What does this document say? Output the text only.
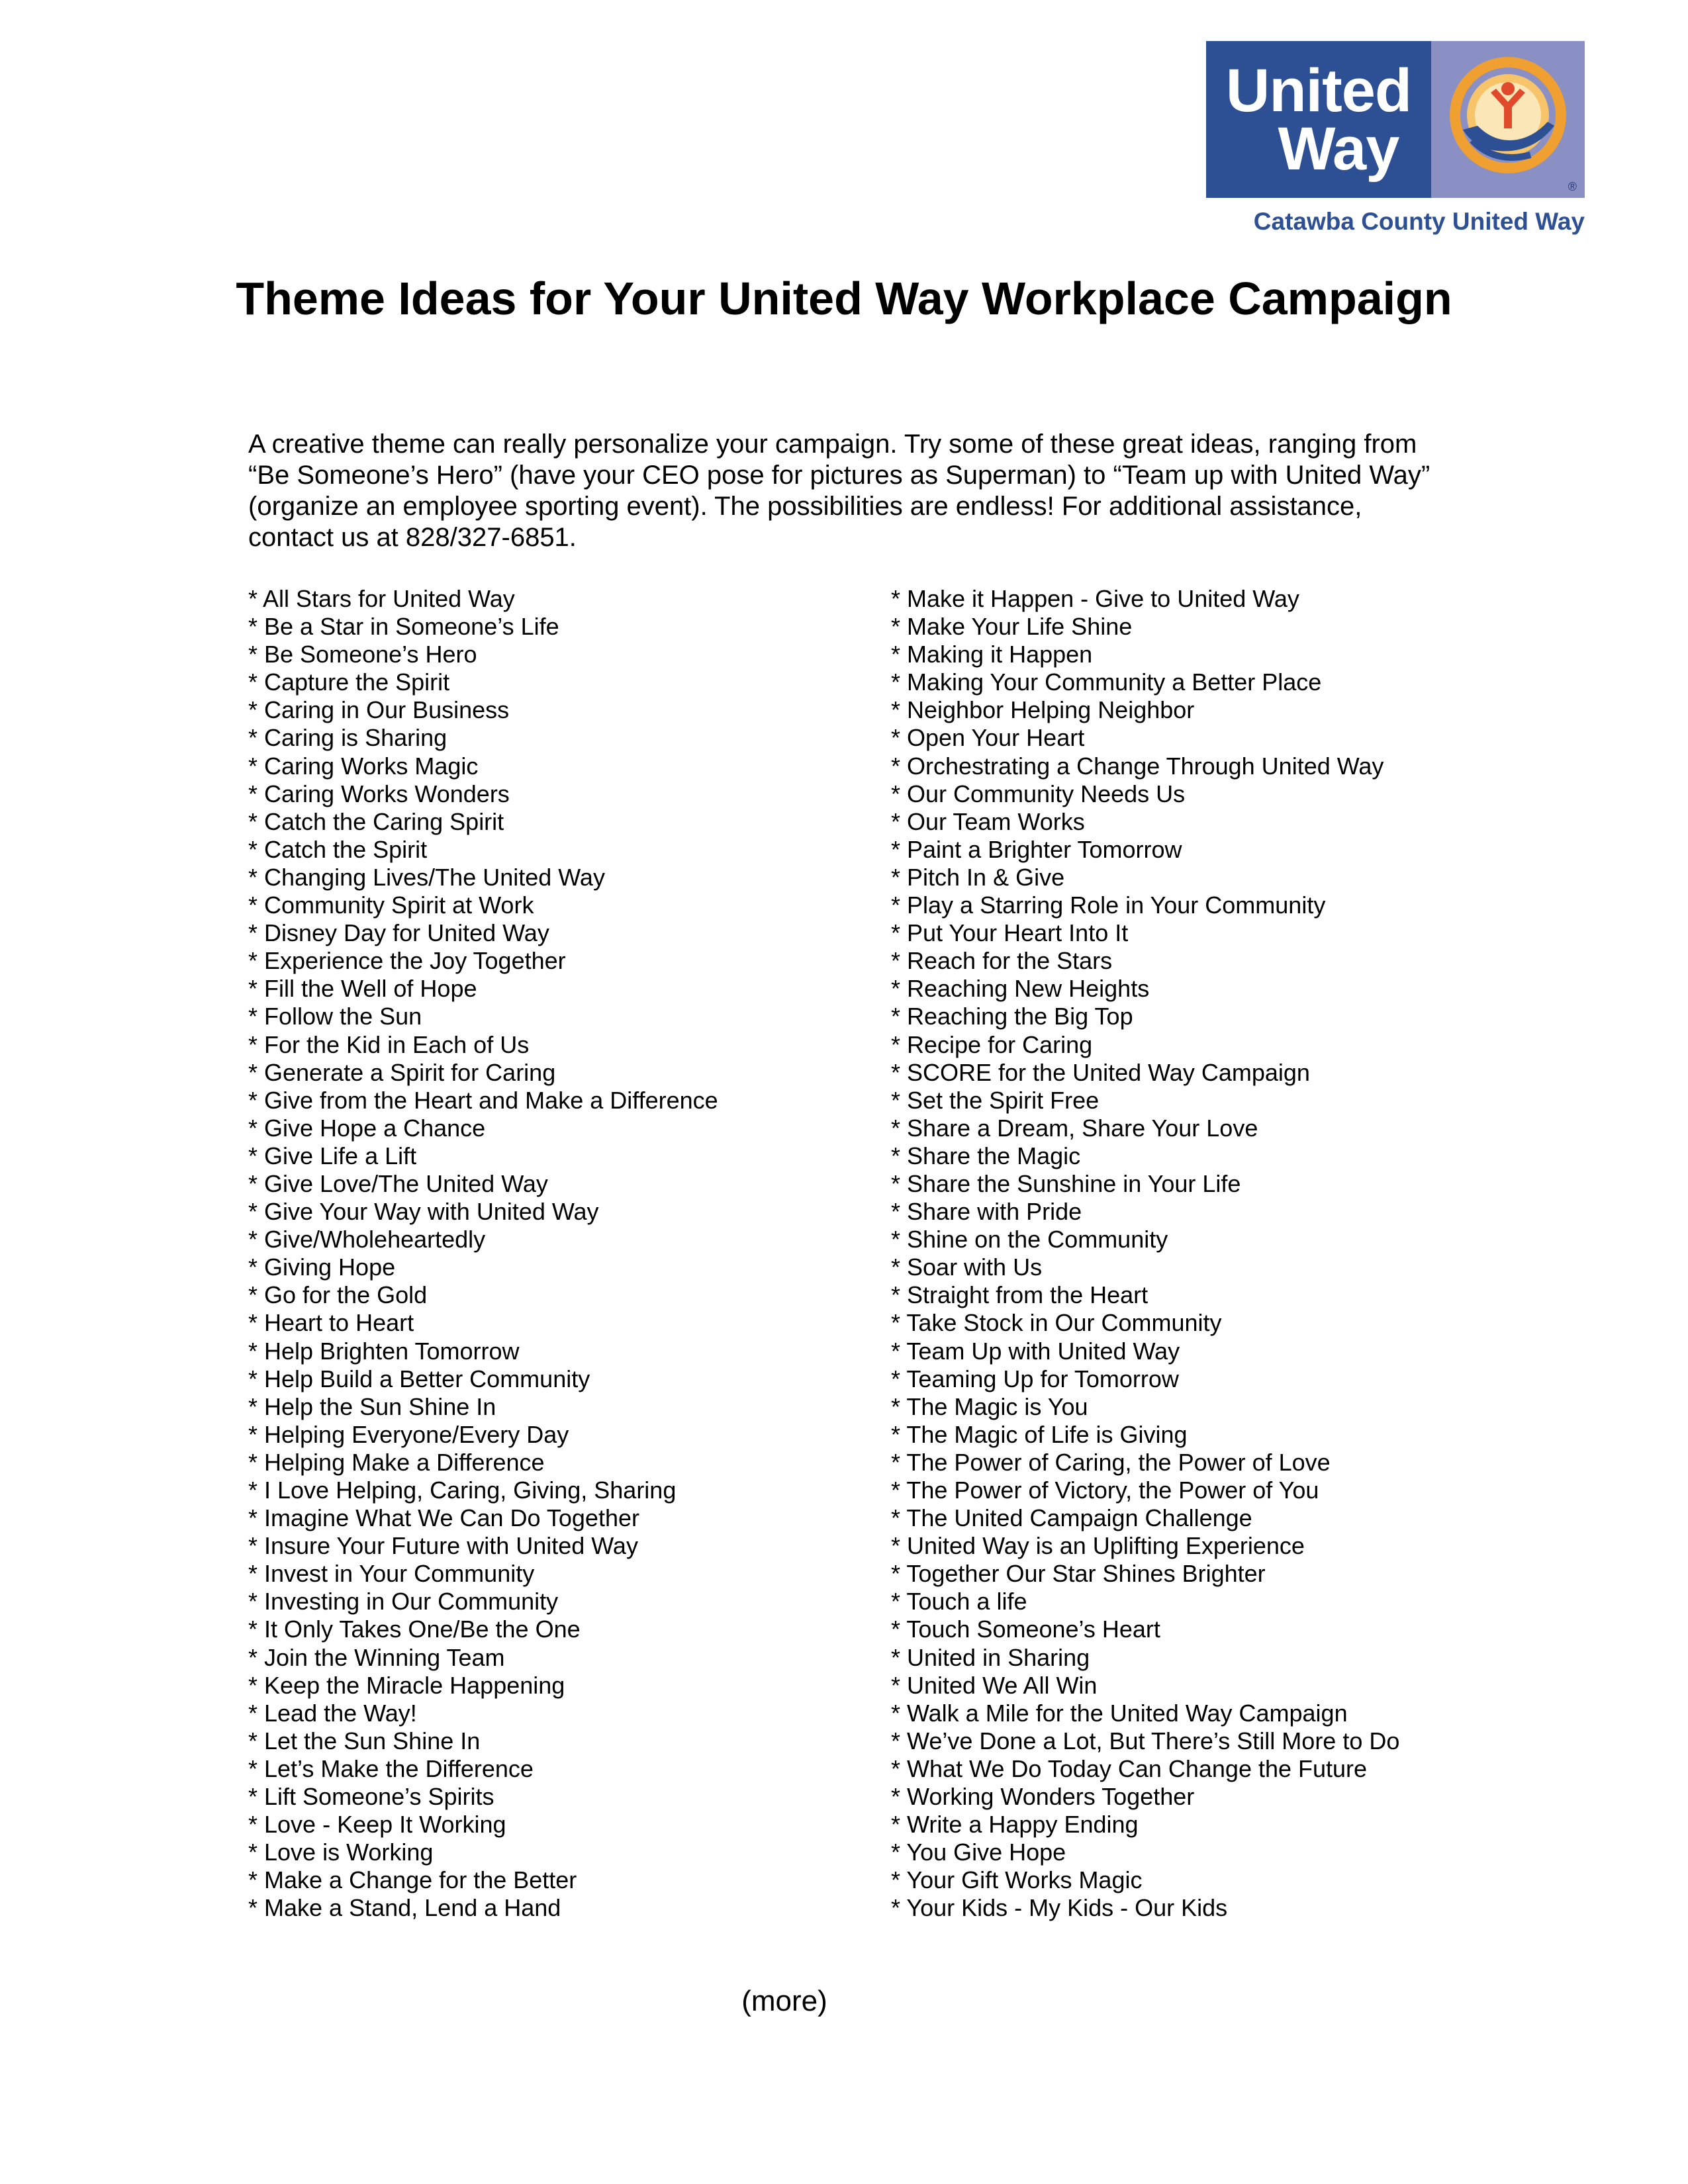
United
Way
®
Catawba County United Way
Theme Ideas for Your United Way Workplace Campaign

A creative theme can really personalize your campaign. Try some of these great ideas, ranging from “Be Someone’s Hero” (have your CEO pose for pictures as Superman) to “Team up with United Way” (organize an employee sporting event). The possibilities are endless! For additional assistance, contact us at 828/327-6851.

* All Stars for United Way
* Be a Star in Someone’s Life
* Be Someone’s Hero
* Capture the Spirit
* Caring in Our Business
* Caring is Sharing
* Caring Works Magic
* Caring Works Wonders
* Catch the Caring Spirit
* Catch the Spirit
* Changing Lives/The United Way
* Community Spirit at Work
* Disney Day for United Way
* Experience the Joy Together
* Fill the Well of Hope
* Follow the Sun
* For the Kid in Each of Us
* Generate a Spirit for Caring
* Give from the Heart and Make a Difference
* Give Hope a Chance
* Give Life a Lift
* Give Love/The United Way
* Give Your Way with United Way
* Give/Wholeheartedly
* Giving Hope
* Go for the Gold
* Heart to Heart
* Help Brighten Tomorrow
* Help Build a Better Community
* Help the Sun Shine In
* Helping Everyone/Every Day
* Helping Make a Difference
* I Love Helping, Caring, Giving, Sharing
* Imagine What We Can Do Together
* Insure Your Future with United Way
* Invest in Your Community
* Investing in Our Community
* It Only Takes One/Be the One
* Join the Winning Team
* Keep the Miracle Happening
* Lead the Way!
* Let the Sun Shine In
* Let’s Make the Difference
* Lift Someone’s Spirits
* Love - Keep It Working
* Love is Working
* Make a Change for the Better
* Make a Stand, Lend a Hand
* Make it Happen - Give to United Way
* Make Your Life Shine
* Making it Happen
* Making Your Community a Better Place
* Neighbor Helping Neighbor
* Open Your Heart
* Orchestrating a Change Through United Way
* Our Community Needs Us
* Our Team Works
* Paint a Brighter Tomorrow
* Pitch In & Give
* Play a Starring Role in Your Community
* Put Your Heart Into It
* Reach for the Stars
* Reaching New Heights
* Reaching the Big Top
* Recipe for Caring
* SCORE for the United Way Campaign
* Set the Spirit Free
* Share a Dream, Share Your Love
* Share the Magic
* Share the Sunshine in Your Life
* Share with Pride
* Shine on the Community
* Soar with Us
* Straight from the Heart
* Take Stock in Our Community
* Team Up with United Way
* Teaming Up for Tomorrow
* The Magic is You
* The Magic of Life is Giving
* The Power of Caring, the Power of Love
* The Power of Victory, the Power of You
* The United Campaign Challenge
* United Way is an Uplifting Experience
* Together Our Star Shines Brighter
* Touch a life
* Touch Someone’s Heart
* United in Sharing
* United We All Win
* Walk a Mile for the United Way Campaign
* We’ve Done a Lot, But There’s Still More to Do
* What We Do Today Can Change the Future
* Working Wonders Together
* Write a Happy Ending
* You Give Hope
* Your Gift Works Magic
* Your Kids - My Kids - Our Kids
(more)
